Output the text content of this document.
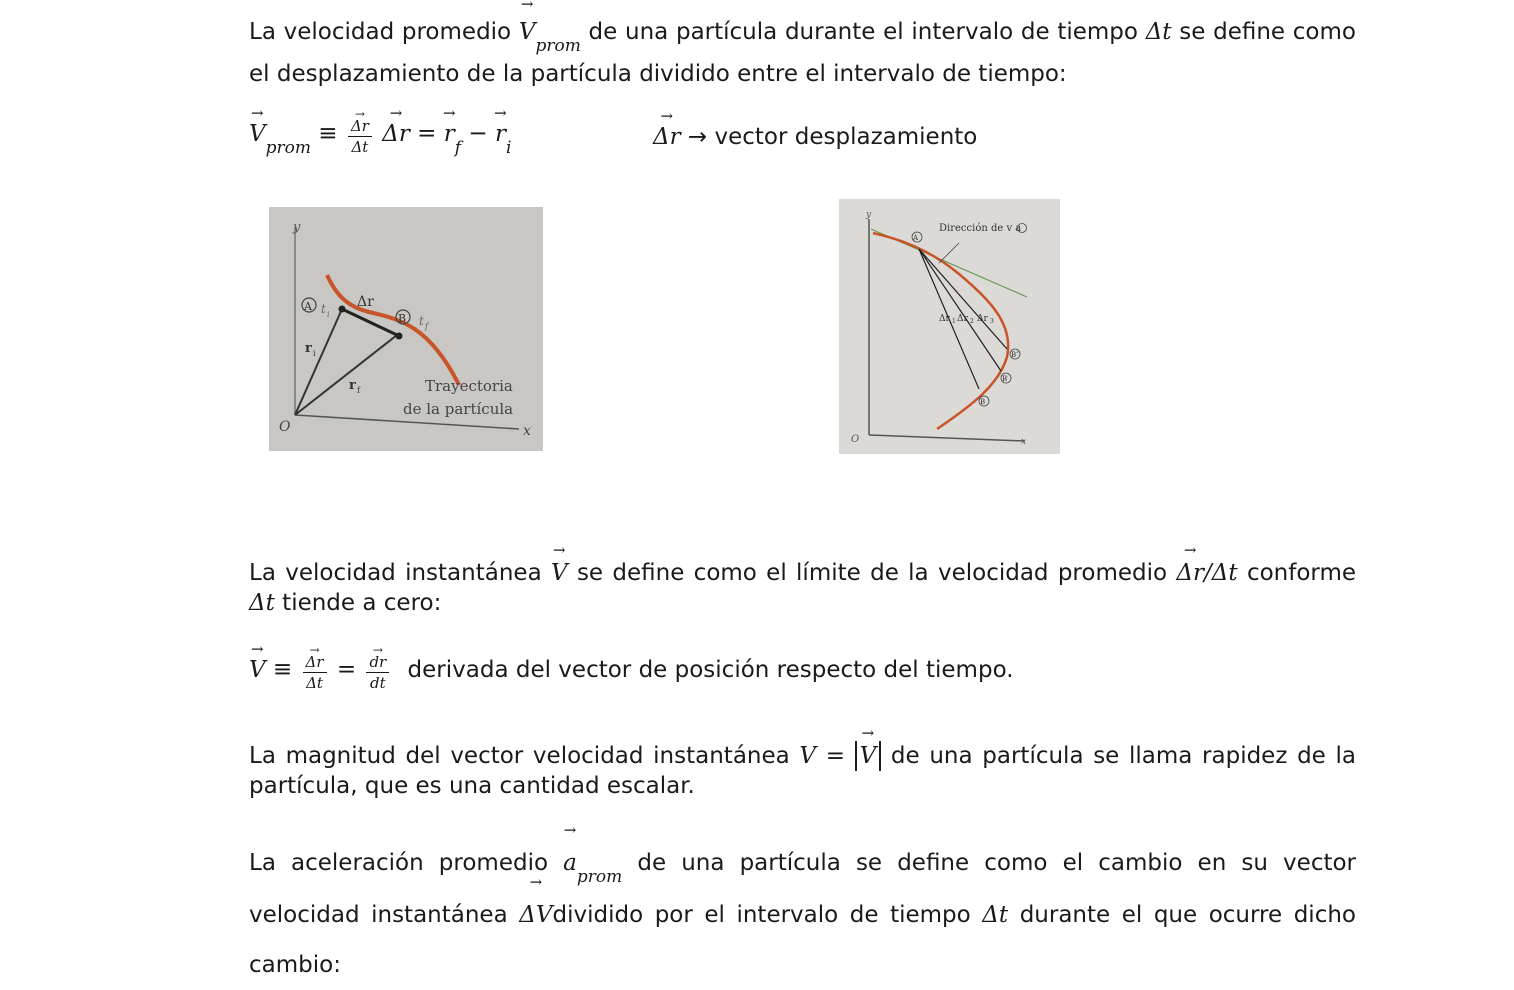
La velocidad promedio → $V_{prom}$ de una partícula durante el intervalo de tiempo Δt se define como el desplazamiento de la partícula dividido entre el intervalo de tiempo:

→ $V_{prom}$ ≡
→ $\frac{\Delta r}{\Delta t}$
→ Δr = → $r_f$ − → $r_i$
→	Δr → vector desplazamiento

La velocidad instantánea → V se define como el límite de la velocidad promedio → Δr/Δt conforme Δt tiende a cero:

→ V ≡
→ $\frac{\Delta r}{\Delta t}$ =
→ $\frac{dr}{dt}$ derivada del vector de posición respecto del tiempo.

La magnitud del vector velocidad instantánea V = → V de una partícula se llama rapidez de la partícula, que es una cantidad escalar.

La aceleración promedio → $a_{prom}$ de una partícula se define como el cambio en su vector velocidad instantánea → ΔVdividido por el intervalo de tiempo Δt durante el que ocurre dicho cambio:

y
x
O
A
B
t i	t f
Δr
r i
r f	Trayectoria
de la partícula
y
x
O
Dirección de v a
A
Δr 1 Δr 2 Δr 3
B″
B′
B
